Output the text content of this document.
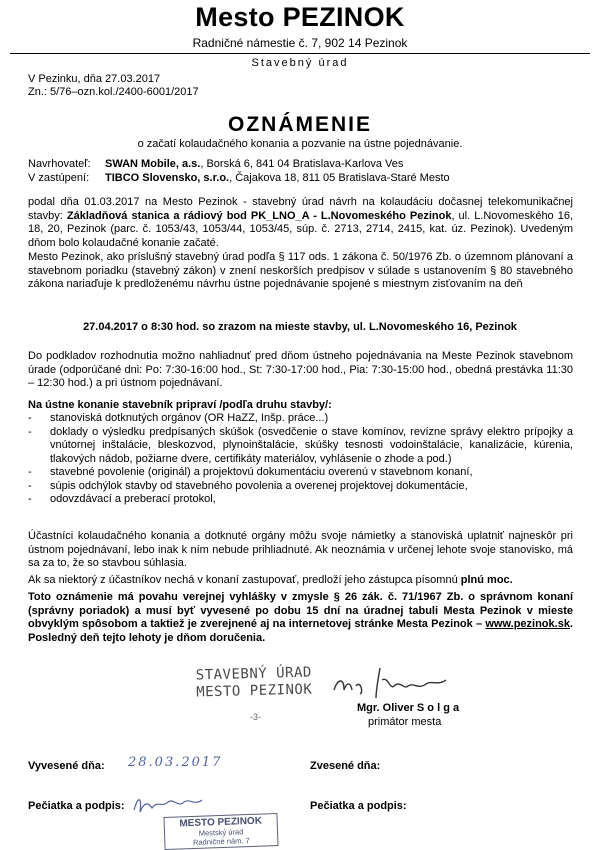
Mesto PEZINOK
Radničné námestie č. 7, 902 14 Pezinok
Stavebný úrad
V Pezinku, dňa 27.03.2017
Zn.: 5/76–ozn.kol./2400-6001/2017
OZNÁMENIE
o začatí kolaudačného konania a pozvanie na ústne pojednávanie.
Navrhovateľ: SWAN Mobile, a.s., Borská 6, 841 04 Bratislava-Karlova Ves
V zastúpení: TIBCO Slovensko, s.r.o., Čajakova 18, 811 05 Bratislava-Staré Mesto
podal dňa 01.03.2017 na Mesto Pezinok - stavebný úrad návrh na kolaudáciu dočasnej telekomunikačnej stavby: Základňová stanica a rádiový bod PK_LNO_A - L.Novomeského Pezinok, ul. L.Novomeského 16, 18, 20, Pezinok (parc. č. 1053/43, 1053/44, 1053/45, súp. č. 2713, 2714, 2415, kat. úz. Pezinok). Uvedeným dňom bolo kolaudačné konanie začaté.
Mesto Pezinok, ako príslušný stavebný úrad podľa § 117 ods. 1 zákona č. 50/1976 Zb. o územnom plánovaní a stavebnom poriadku (stavebný zákon) v znení neskorších predpisov v súlade s ustanovením § 80 stavebného zákona nariaďuje k predloženému návrhu ústne pojednávanie spojené s miestnym zisťovaním na deň
27.04.2017 o 8:30 hod. so zrazom na mieste stavby, ul. L.Novomeského 16, Pezinok
Do podkladov rozhodnutia možno nahliadnuť pred dňom ústneho pojednávania na Meste Pezinok stavebnom úrade (odporúčané dni: Po: 7:30-16:00 hod., St: 7:30-17:00 hod., Pia: 7:30-15:00 hod., obedná prestávka 11:30 – 12:30 hod.) a pri ústnom pojednávaní.
Na ústne konanie stavebník pripraví /podľa druhu stavby/:
- stanoviská dotknutých orgánov (OR HaZZ, Inšp. práce...)
- doklady o výsledku predpísaných skúšok (osvedčenie o stave komínov, revízne správy elektro prípojky a vnútornej inštalácie, bleskozvod, plynoinštalácie, skúšky tesnosti vodoinštalácie, kanalizácie, kúrenia, tlakových nádob, požiarne dvere, certifikáty materiálov, vyhlásenie o zhode a pod.)
- stavebné povolenie (originál) a projektovú dokumentáciu overenú v stavebnom konaní,
- súpis odchýlok stavby od stavebného povolenia a overenej projektovej dokumentácie,
- odovzdávací a preberací protokol,
Účastníci kolaudačného konania a dotknuté orgány môžu svoje námietky a stanoviská uplatniť najneskôr pri ústnom pojednávaní, lebo inak k ním nebude prihliadnuté. Ak neoznámia v určenej lehote svoje stanovisko, má sa za to, že so stavbou súhlasia.
Ak sa niektorý z účastníkov nechá v konaní zastupovať, predloží jeho zástupca písomnú plnú moc.
Toto oznámenie má povahu verejnej vyhlášky v zmysle § 26 zák. č. 71/1967 Zb. o správnom konaní (správny poriadok) a musí byť vyvesené po dobu 15 dní na úradnej tabuli Mesta Pezinok v mieste obvyklým spôsobom a taktiež je zverejnené aj na internetovej stránke Mesta Pezinok – www.pezinok.sk. Posledný deň tejto lehoty je dňom doručenia.
STAVEBNÝ ÚRAD
MESTO PEZINOK
-3-
Mgr. Oliver S o l g a
primátor mesta
Vyvesené dňa: 28.03.2017	Zvesené dňa:
Pečiatka a podpis:	Pečiatka a podpis:
MESTO PEZINOK
Mestský úrad
Radničné nám. 7
